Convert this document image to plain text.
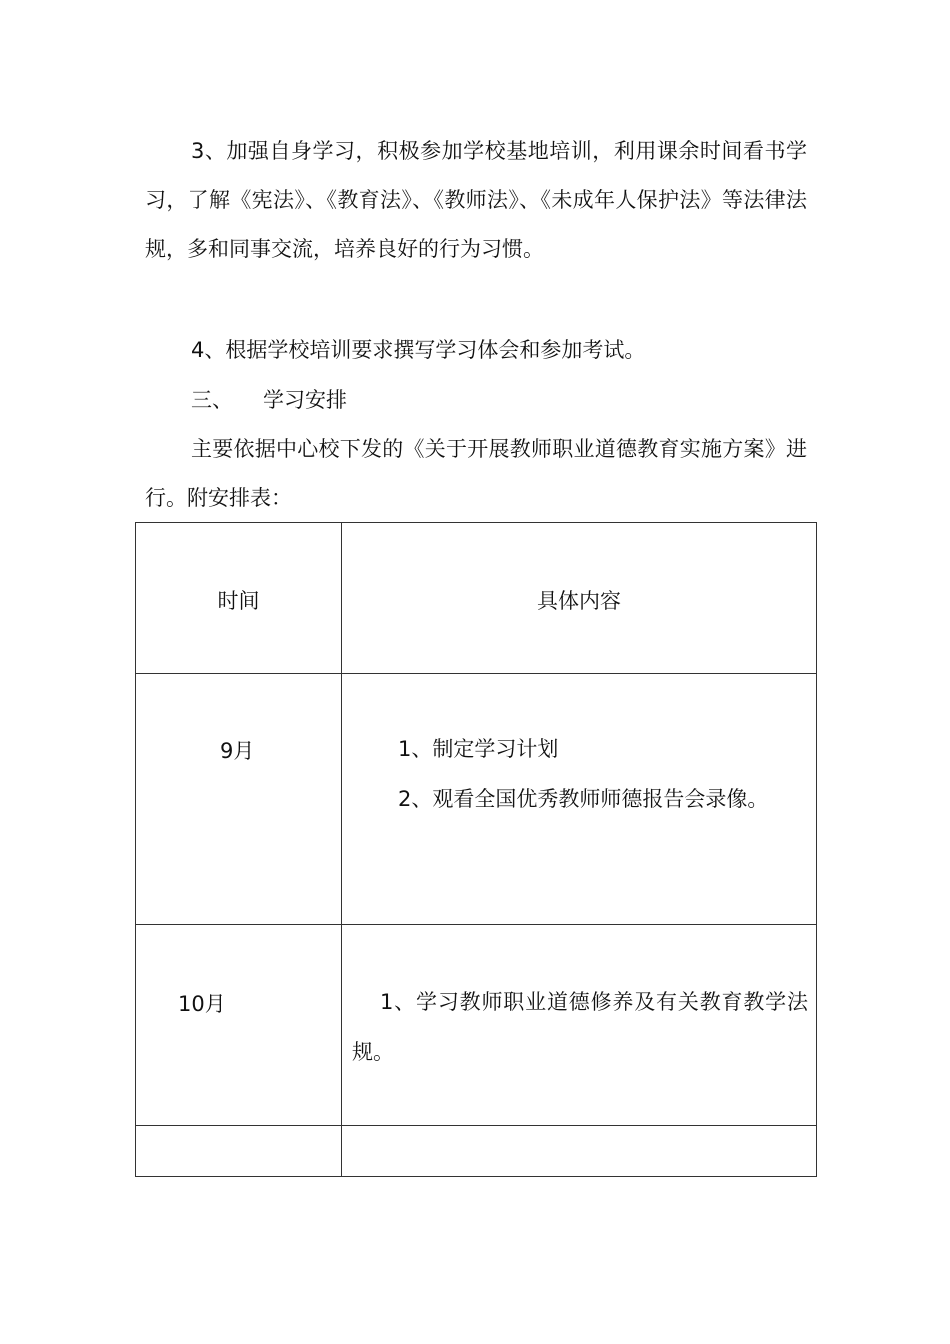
3、加强自身学习，积极参加学校基地培训，利用课余时间看书学习，了解《宪法》、《教育法》、《教师法》、《未成年人保护法》等法律法规，多和同事交流，培养良好的行为习惯。

4、根据学校培训要求撰写学习体会和参加考试。

三、 学习安排

主要依据中心校下发的《关于开展教师职业道德教育实施方案》进行。附安排表：

时间	具体内容

9月	1、制定学习计划
2、观看全国优秀教师师德报告会录像。

10月	1、学习教师职业道德修养及有关教育教学法规。
